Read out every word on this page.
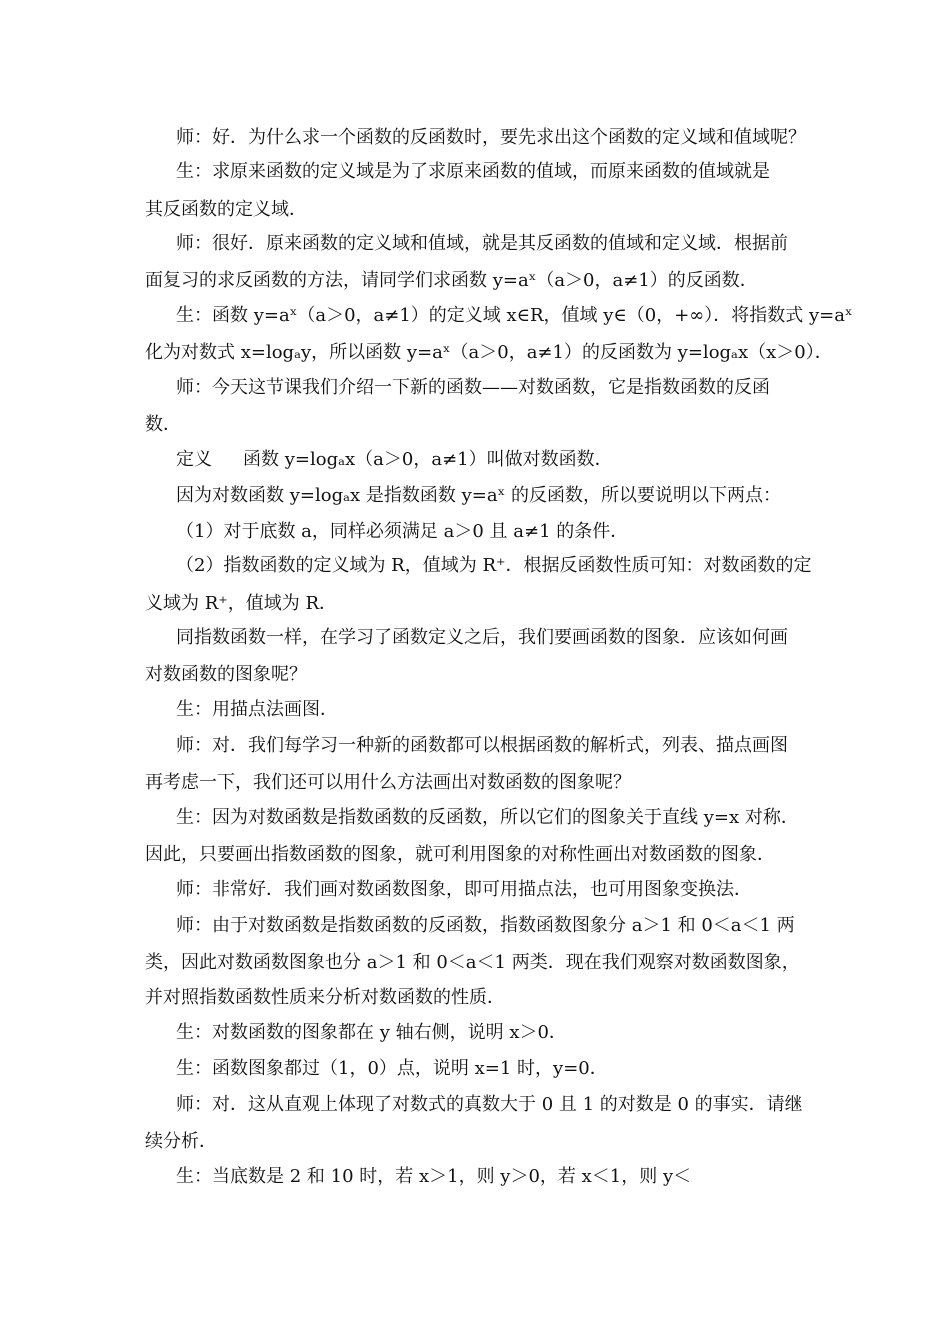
师：好．为什么求一个函数的反函数时，要先求出这个函数的定义域和值域呢？
生：求原来函数的定义域是为了求原来函数的值域，而原来函数的值域就是
其反函数的定义域．
师：很好．原来函数的定义域和值域，就是其反函数的值域和定义域．根据前
面复习的求反函数的方法，请同学们求函数 y=aˣ（a＞0，a≠1）的反函数．
生：函数 y=aˣ（a＞0，a≠1）的定义域 x∈R，值域 y∈（0，+∞）．将指数式 y=aˣ
化为对数式 x=logₐy，所以函数 y=aˣ（a＞0，a≠1）的反函数为 y=logₐx（x＞0）．
师：今天这节课我们介绍一下新的函数——对数函数，它是指数函数的反函
数．
定义 函数 y=logₐx（a＞0，a≠1）叫做对数函数．
因为对数函数 y=logₐx 是指数函数 y=aˣ 的反函数，所以要说明以下两点：
（1）对于底数 a，同样必须满足 a＞0 且 a≠1 的条件．
（2）指数函数的定义域为 R，值域为 R⁺．根据反函数性质可知：对数函数的定
义域为 R⁺，值域为 R．
同指数函数一样，在学习了函数定义之后，我们要画函数的图象．应该如何画
对数函数的图象呢？
生：用描点法画图．
师：对．我们每学习一种新的函数都可以根据函数的解析式，列表、描点画图
再考虑一下，我们还可以用什么方法画出对数函数的图象呢？
生：因为对数函数是指数函数的反函数，所以它们的图象关于直线 y=x 对称．
因此，只要画出指数函数的图象，就可利用图象的对称性画出对数函数的图象．
师：非常好．我们画对数函数图象，即可用描点法，也可用图象变换法．
师：由于对数函数是指数函数的反函数，指数函数图象分 a＞1 和 0＜a＜1 两
类，因此对数函数图象也分 a＞1 和 0＜a＜1 两类．现在我们观察对数函数图象，
并对照指数函数性质来分析对数函数的性质．
生：对数函数的图象都在 y 轴右侧，说明 x＞0．
生：函数图象都过（1，0）点，说明 x=1 时，y=0．
师：对．这从直观上体现了对数式的真数大于 0 且 1 的对数是 0 的事实．请继
续分析．
生：当底数是 2 和 10 时，若 x＞1，则 y＞0，若 x＜1，则 y＜
